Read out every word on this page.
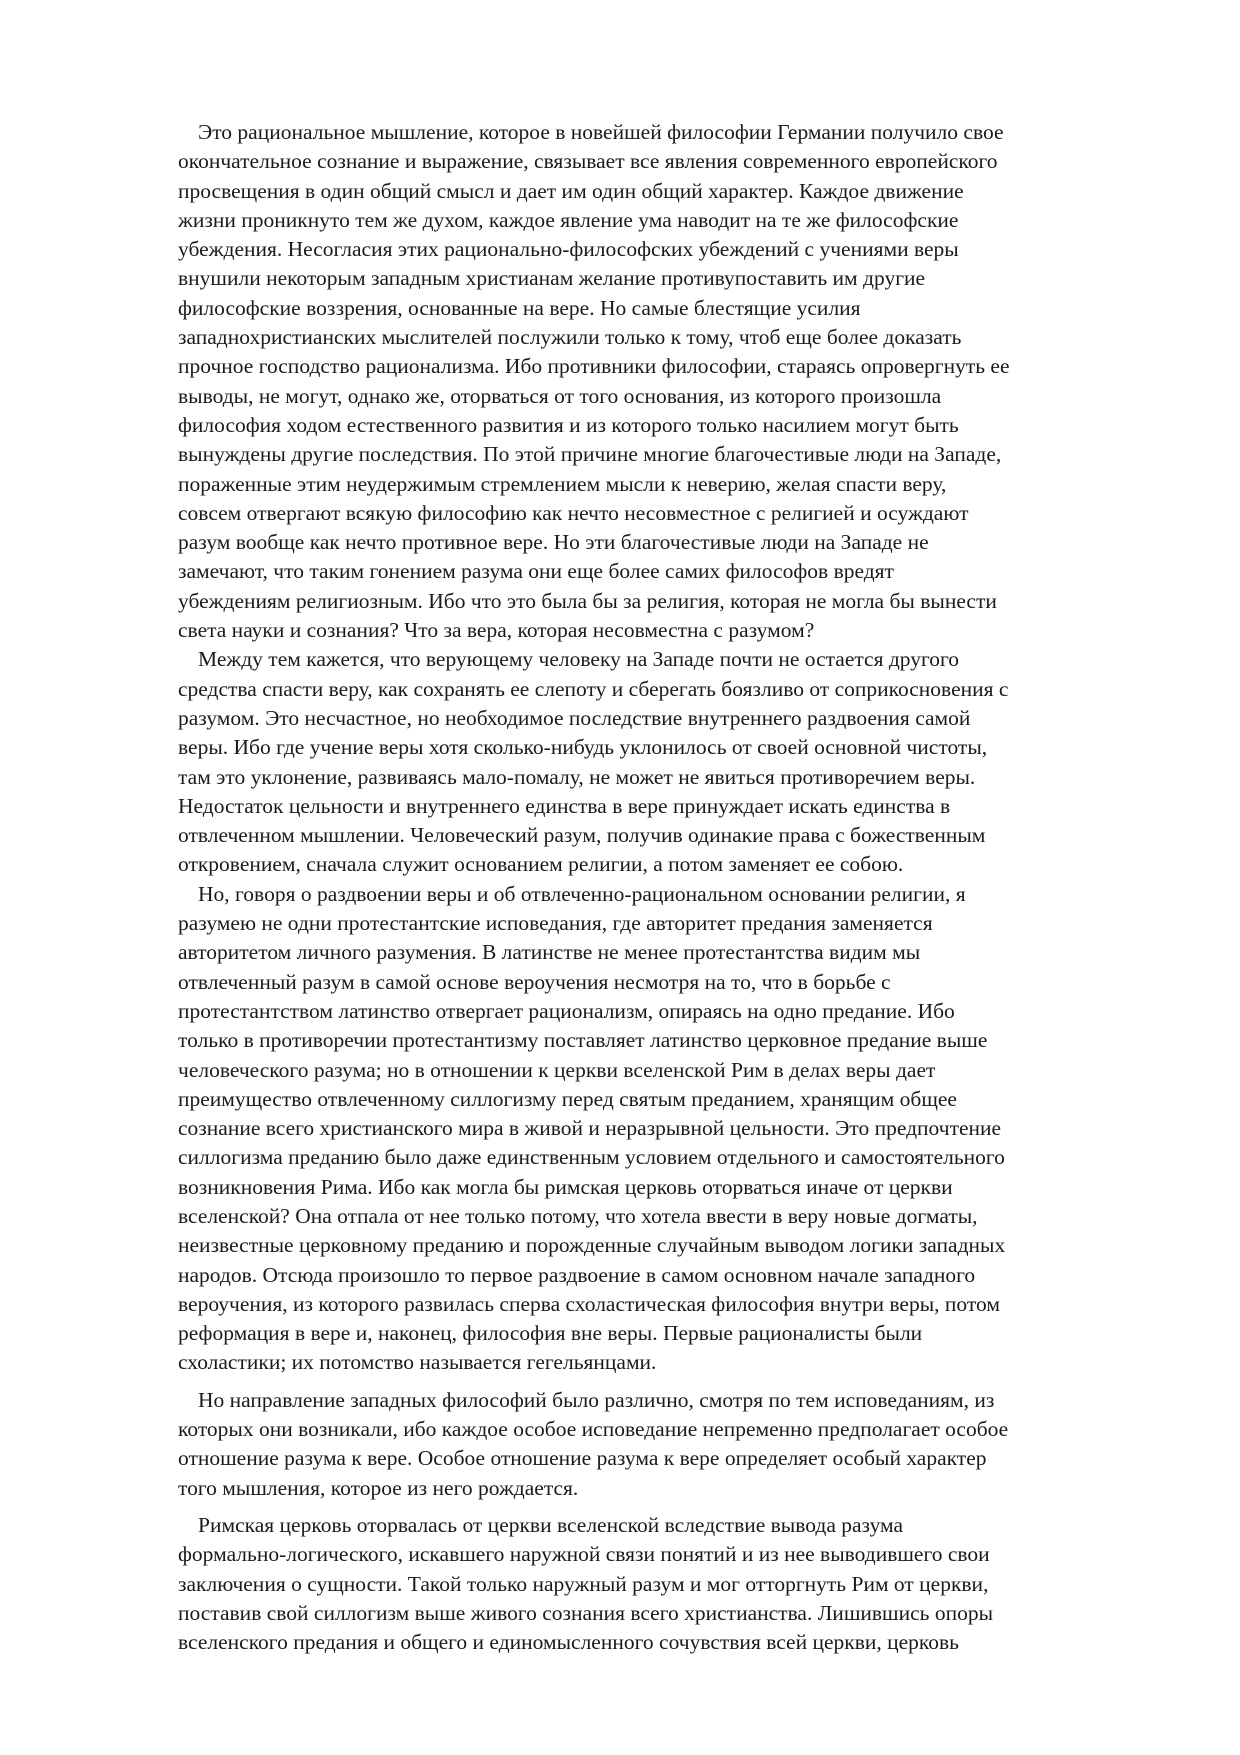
Это рациональное мышление, которое в новейшей философии Германии получило свое
окончательное сознание и выражение, связывает все явления современного европейского
просвещения в один общий смысл и дает им один общий характер. Каждое движение
жизни проникнуто тем же духом, каждое явление ума наводит на те же философские
убеждения. Несогласия этих рационально-философских убеждений с учениями веры
внушили некоторым западным христианам желание противупоставить им другие
философские воззрения, основанные на вере. Но самые блестящие усилия
западнохристианских мыслителей послужили только к тому, чтоб еще более доказать
прочное господство рационализма. Ибо противники философии, стараясь опровергнуть ее
выводы, не могут, однако же, оторваться от того основания, из которого произошла
философия ходом естественного развития и из которого только насилием могут быть
вынуждены другие последствия. По этой причине многие благочестивые люди на Западе,
пораженные этим неудержимым стремлением мысли к неверию, желая спасти веру,
совсем отвергают всякую философию как нечто несовместное с религией и осуждают
разум вообще как нечто противное вере. Но эти благочестивые люди на Западе не
замечают, что таким гонением разума они еще более самих философов вредят
убеждениям религиозным. Ибо что это была бы за религия, которая не могла бы вынести
света науки и сознания? Что за вера, которая несовместна с разумом?

Между тем кажется, что верующему человеку на Западе почти не остается другого
средства спасти веру, как сохранять ее слепоту и сберегать боязливо от соприкосновения с
разумом. Это несчастное, но необходимое последствие внутреннего раздвоения самой
веры. Ибо где учение веры хотя сколько-нибудь уклонилось от своей основной чистоты,
там это уклонение, развиваясь мало-помалу, не может не явиться противоречием веры.
Недостаток цельности и внутреннего единства в вере принуждает искать единства в
отвлеченном мышлении. Человеческий разум, получив одинакие права с божественным
откровением, сначала служит основанием религии, а потом заменяет ее собою.

Но, говоря о раздвоении веры и об отвлеченно-рациональном основании религии, я
разумею не одни протестантские исповедания, где авторитет предания заменяется
авторитетом личного разумения. В латинстве не менее протестантства видим мы
отвлеченный разум в самой основе вероучения несмотря на то, что в борьбе с
протестантством латинство отвергает рационализм, опираясь на одно предание. Ибо
только в противоречии протестантизму поставляет латинство церковное предание выше
человеческого разума; но в отношении к церкви вселенской Рим в делах веры дает
преимущество отвлеченному силлогизму перед святым преданием, хранящим общее
сознание всего христианского мира в живой и неразрывной цельности. Это предпочтение
силлогизма преданию было даже единственным условием отдельного и самостоятельного
возникновения Рима. Ибо как могла бы римская церковь оторваться иначе от церкви
вселенской? Она отпала от нее только потому, что хотела ввести в веру новые догматы,
неизвестные церковному преданию и порожденные случайным выводом логики западных
народов. Отсюда произошло то первое раздвоение в самом основном начале западного
вероучения, из которого развилась сперва схоластическая философия внутри веры, потом
реформация в вере и, наконец, философия вне веры. Первые рационалисты были
схоластики; их потомство называется гегельянцами.

Но направление западных философий было различно, смотря по тем исповеданиям, из
которых они возникали, ибо каждое особое исповедание непременно предполагает особое
отношение разума к вере. Особое отношение разума к вере определяет особый характер
того мышления, которое из него рождается.

Римская церковь оторвалась от церкви вселенской вследствие вывода разума
формально-логического, искавшего наружной связи понятий и из нее выводившего свои
заключения о сущности. Такой только наружный разум и мог отторгнуть Рим от церкви,
поставив свой силлогизм выше живого сознания всего христианства. Лишившись опоры
вселенского предания и общего и единомысленного сочувствия всей церкви, церковь
